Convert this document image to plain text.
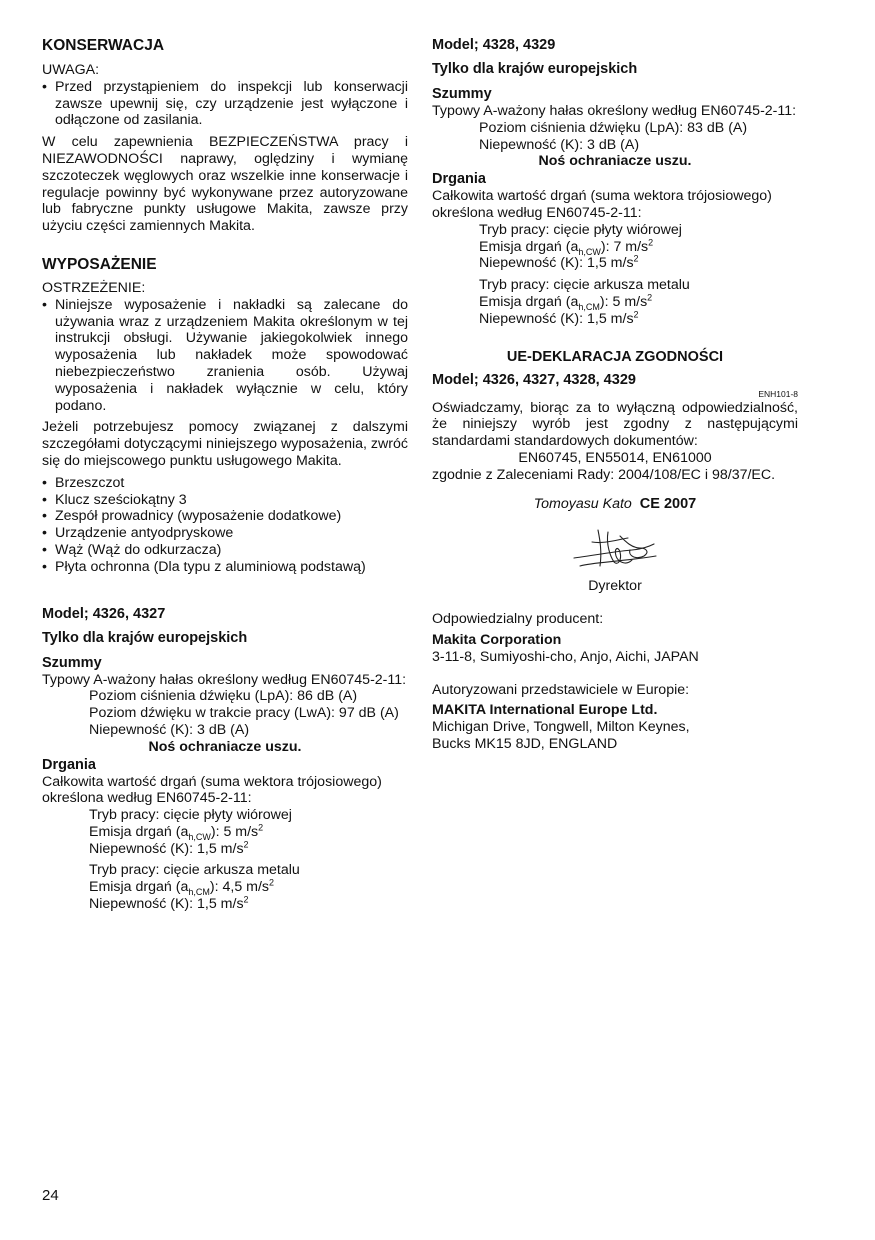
KONSERWACJA

UWAGA:

• Przed przystąpieniem do inspekcji lub konserwacji zawsze upewnij się, czy urządzenie jest wyłączone i odłączone od zasilania.

W celu zapewnienia BEZPIECZEŃSTWA pracy i NIEZAWODNOŚCI naprawy, oględziny i wymianę szczoteczek węglowych oraz wszelkie inne konserwacje i regulacje powinny być wykonywane przez autoryzowane lub fabryczne punkty usługowe Makita, zawsze przy użyciu części zamiennych Makita.

WYPOSAŻENIE

OSTRZEŻENIE:

• Niniejsze wyposażenie i nakładki są zalecane do używania wraz z urządzeniem Makita określonym w tej instrukcji obsługi. Używanie jakiegokolwiek innego wyposażenia lub nakładek może spowodować niebezpieczeństwo zranienia osób. Używaj wyposażenia i nakładek wyłącznie w celu, który podano.

Jeżeli potrzebujesz pomocy związanej z dalszymi szczegółami dotyczącymi niniejszego wyposażenia, zwróć się do miejscowego punktu usługowego Makita.

• Brzeszczot
• Klucz sześciokątny 3
• Zespół prowadnicy (wyposażenie dodatkowe)
• Urządzenie antyodpryskowe
• Wąż (Wąż do odkurzacza)
• Płyta ochronna (Dla typu z aluminiową podstawą)
Model; 4326, 4327
Tylko dla krajów europejskich
Szummy

Typowy A-ważony hałas określony według EN60745-2-11:

Poziom ciśnienia dźwięku (LpA): 86 dB (A)

Poziom dźwięku w trakcie pracy (LwA): 97 dB (A)

Niepewność (K): 3 dB (A)

Noś ochraniacze uszu.

Drgania

Całkowita wartość drgań (suma wektora trójosiowego) określona według EN60745-2-11:

Tryb pracy: cięcie płyty wiórowej

Emisja drgań $(a_{h,CW})$: 5 $m/s^2$

Niepewność (K): 1,5 $m/s^2$

Tryb pracy: cięcie arkusza metalu

Emisja drgań $(a_{h,CM})$: 4,5 $m/s^2$

Niepewność (K): 1,5 $m/s^2$

Model; 4328, 4329
Tylko dla krajów europejskich
Szummy

Typowy A-ważony hałas określony według EN60745-2-11:

Poziom ciśnienia dźwięku (LpA): 83 dB (A)

Niepewność (K): 3 dB (A)

Noś ochraniacze uszu.

Drgania

Całkowita wartość drgań (suma wektora trójosiowego) określona według EN60745-2-11:

Tryb pracy: cięcie płyty wiórowej

Emisja drgań $(a_{h,CW})$: 7 $m/s^2$

Niepewność (K): 1,5 $m/s^2$

Tryb pracy: cięcie arkusza metalu

Emisja drgań $(a_{h,CM})$: 5 $m/s^2$

Niepewność (K): 1,5 $m/s^2$

UE-DEKLARACJA ZGODNOŚCI
Model; 4326, 4327, 4328, 4329

ENH101-8

Oświadczamy, biorąc za to wyłączną odpowiedzialność, że niniejszy wyrób jest zgodny z następującymi standardami standardowych dokumentów:

EN60745, EN55014, EN61000

zgodnie z Zaleceniami Rady: 2004/108/EC i 98/37/EC.

Tomoyasu Kato CE 2007

Dyrektor

Odpowiedzialny producent:

Makita Corporation

3-11-8, Sumiyoshi-cho, Anjo, Aichi, JAPAN

Autoryzowani przedstawiciele w Europie:

MAKITA International Europe Ltd.

Michigan Drive, Tongwell, Milton Keynes,

Bucks MK15 8JD, ENGLAND

24
